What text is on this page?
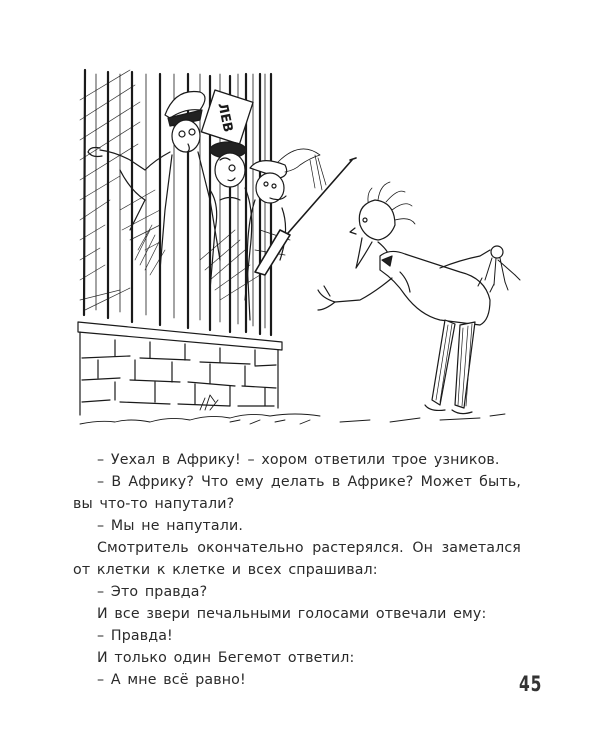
ЛЕВ
– Уехал в Африку! – хором ответили трое узников.
– В Африку? Что ему делать в Африке? Может быть,
вы что-то напутали?
– Мы не напутали.
Смотритель окончательно растерялся. Он заметался
от клетки к клетке и всех спрашивал:
– Это правда?
И все звери печальными голосами отвечали ему:
– Правда!
И только один Бегемот ответил:
– А мне всё равно!	45
